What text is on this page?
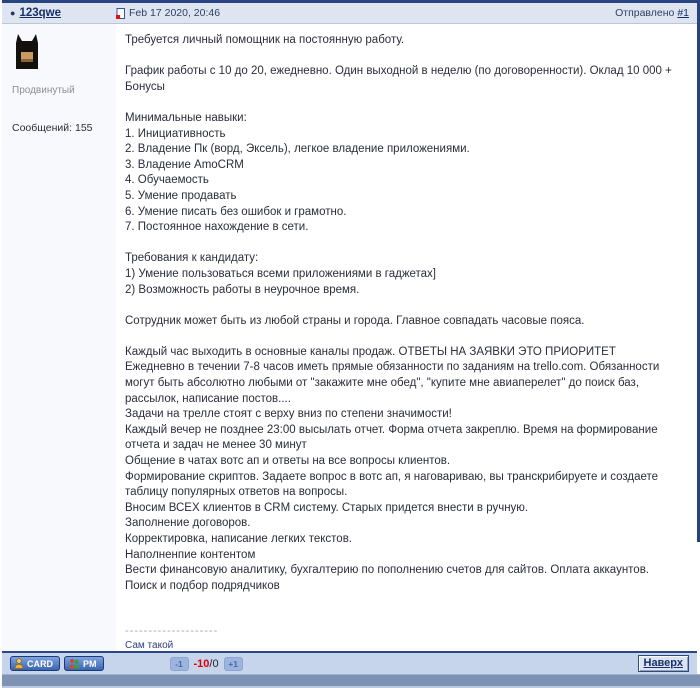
● 123qwe	Feb 17 2020, 20:46	Отправлено #1
Продвинутый
Сообщений: 155
Требуется личный помощник на постоянную работу.

График работы с 10 до 20, ежедневно. Один выходной в неделю (по договоренности). Оклад 10 000 + Бонусы

Минимальные навыки:
1. Инициативность
2. Владение Пк (ворд, Эксель), легкое владение приложениями.
3. Владение AmoCRM
4. Обучаемость
5. Умение продавать
6. Умение писать без ошибок и грамотно.
7. Постоянное нахождение в сети.

Требования к кандидату:
1) Умение пользоваться всеми приложениями в гаджетах]
2) Возможность работы в неурочное время.

Сотрудник может быть из любой страны и города. Главное совпадать часовые пояса.

Каждый час выходить в основные каналы продаж. ОТВЕТЫ НА ЗАЯВКИ ЭТО ПРИОРИТЕТ
Ежедневно в течении 7-8 часов иметь прямые обязанности по заданиям на trello.com. Обязанности могут быть абсолютно любыми от "закажите мне обед", "купите мне авиаперелет" до поиск баз, рассылок, написание постов....
Задачи на трелле стоят с верху вниз по степени значимости!
Каждый вечер не позднее 23:00 высылать отчет. Форма отчета закреплю. Время на формирование отчета и задач не менее 30 минут
Общение в чатах вотс ап и ответы на все вопросы клиентов.
Формирование скриптов. Задаете вопрос в вотс ап, я наговариваю, вы транскрибируете и создаете таблицу популярных ответов на вопросы.
Вносим ВСЕХ клиентов в CRM систему. Старых придется внести в ручную.
Заполнение договоров.
Корректировка, написание легких текстов.
Наполненпие контентом
Вести финансовую аналитику, бухгалтерию по пополнению счетов для сайтов. Оплата аккаунтов.
Поиск и подбор подрядчиков
--------------------
Сам такой
CARD	PM	-1 -10/0	+1	Наверх
